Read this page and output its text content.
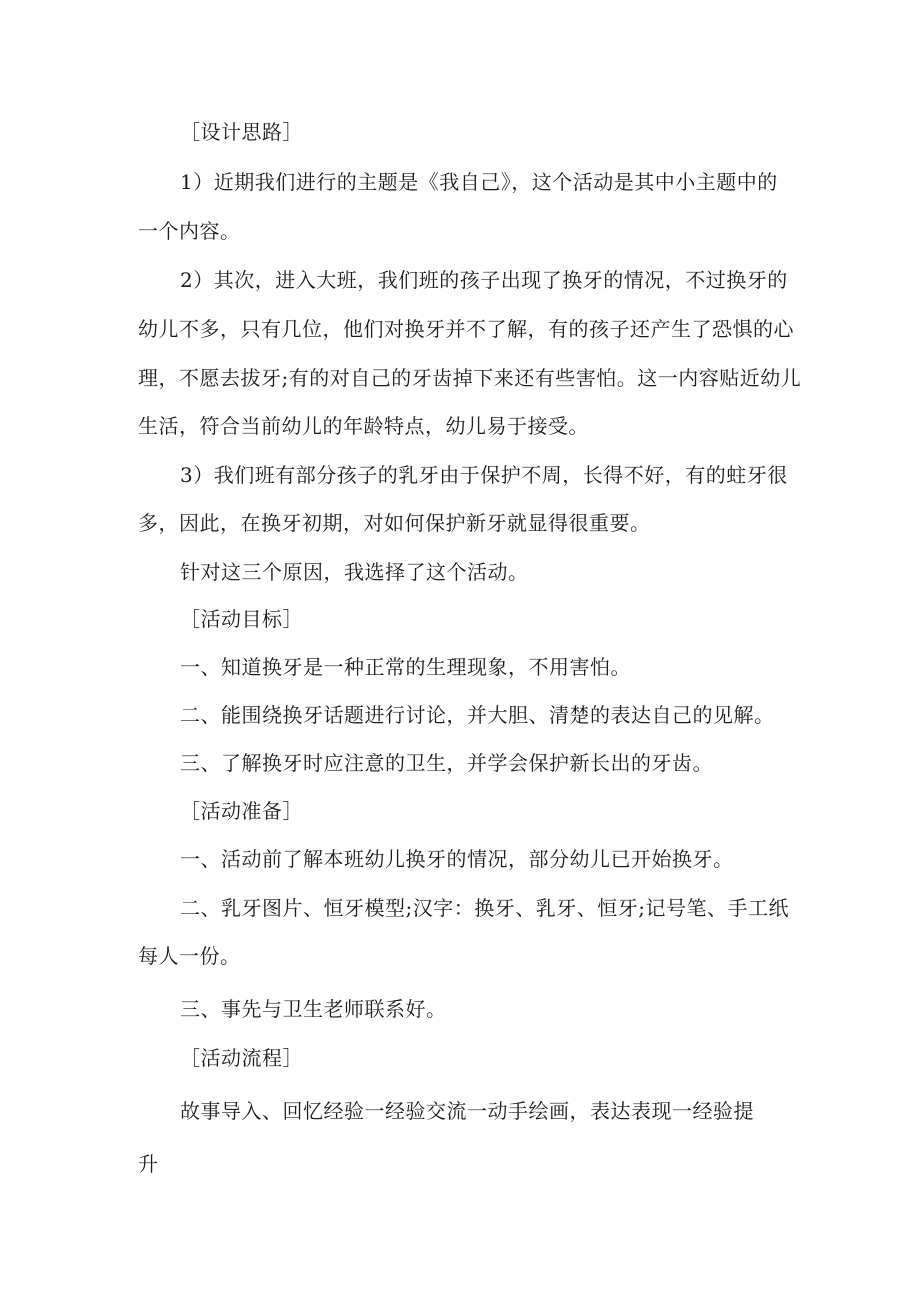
［设计思路］
1）近期我们进行的主题是《我自己》，这个活动是其中小主题中的
一个内容。
2）其次，进入大班，我们班的孩子出现了换牙的情况，不过换牙的
幼儿不多，只有几位，他们对换牙并不了解，有的孩子还产生了恐惧的心
理，不愿去拔牙;有的对自己的牙齿掉下来还有些害怕。这一内容贴近幼儿
生活，符合当前幼儿的年龄特点，幼儿易于接受。
3）我们班有部分孩子的乳牙由于保护不周，长得不好，有的蛀牙很
多，因此，在换牙初期，对如何保护新牙就显得很重要。
针对这三个原因，我选择了这个活动。
［活动目标］
一、知道换牙是一种正常的生理现象，不用害怕。
二、能围绕换牙话题进行讨论，并大胆、清楚的表达自己的见解。
三、了解换牙时应注意的卫生，并学会保护新长出的牙齿。
［活动准备］
一、活动前了解本班幼儿换牙的情况，部分幼儿已开始换牙。
二、乳牙图片、恒牙模型;汉字：换牙、乳牙、恒牙;记号笔、手工纸
每人一份。
三、事先与卫生老师联系好。
［活动流程］
故事导入、回忆经验一经验交流一动手绘画，表达表现一经验提
升
